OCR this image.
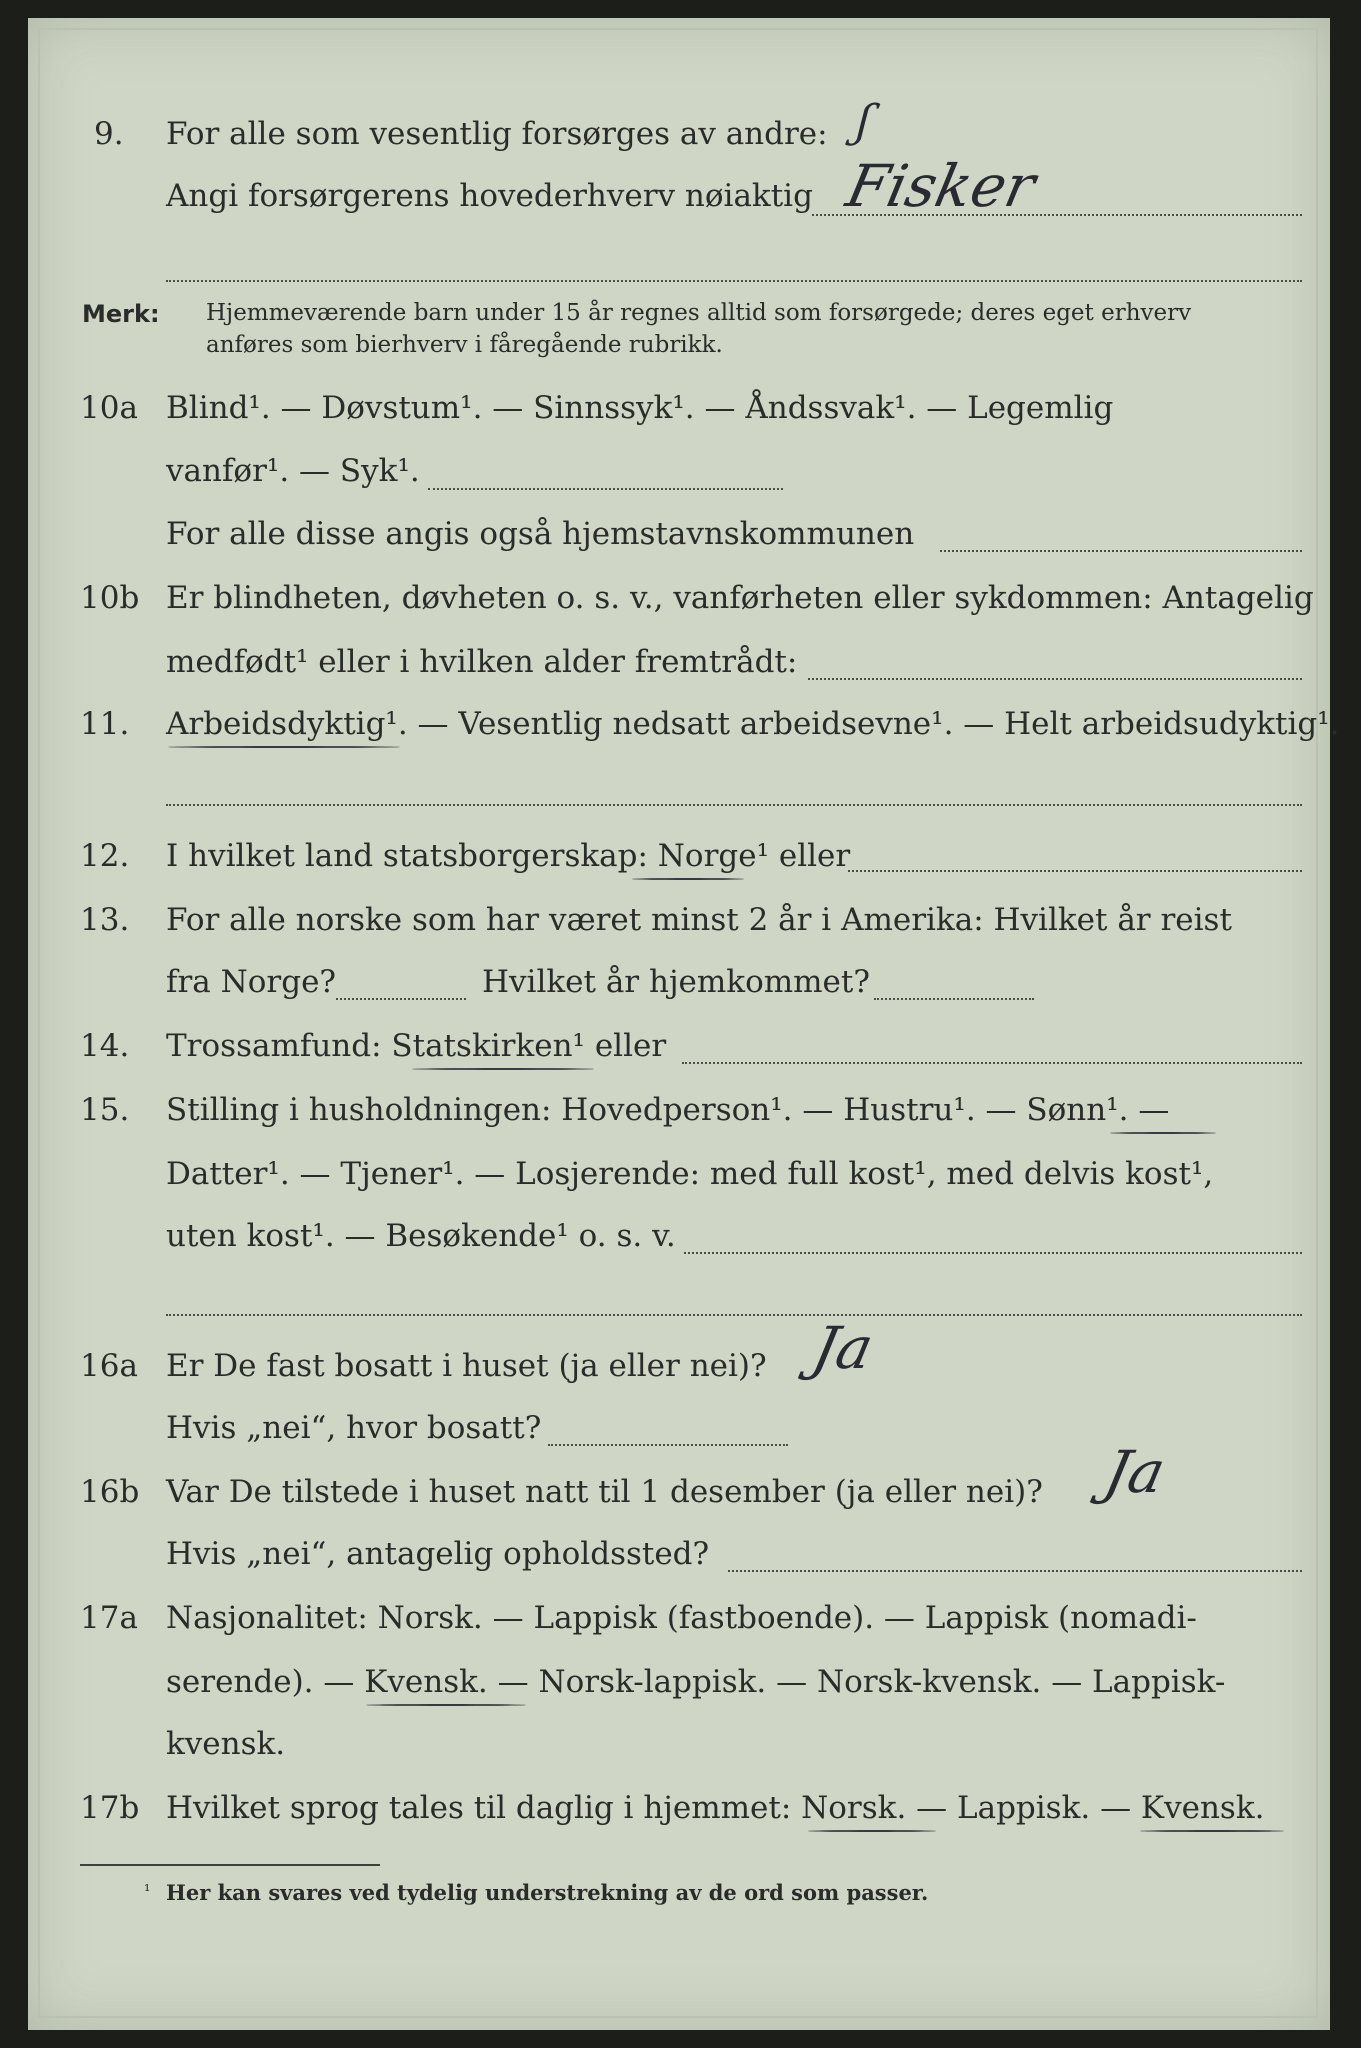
9. For alle som vesentlig forsørges av andre: ʃ
Angi forsørgerens hovederhverv nøiaktig Fisker
Merk: Hjemmeværende barn under 15 år regnes alltid som forsørgede; deres eget erhverv
anføres som bierhverv i fåregående rubrikk.
10a Blind¹. — Døvstum¹. — Sinnssyk¹. — Åndssvak¹. — Legemlig
vanfør¹. — Syk¹.
For alle disse angis også hjemstavnskommunen
10b Er blindheten, døvheten o. s. v., vanførheten eller sykdommen: Antagelig
medfødt¹ eller i hvilken alder fremtrådt:
11. Arbeidsdyktig¹. — Vesentlig nedsatt arbeidsevne¹. — Helt arbeidsudyktig¹.
12. I hvilket land statsborgerskap: Norge¹ eller
13. For alle norske som har været minst 2 år i Amerika: Hvilket år reist
fra Norge?	Hvilket år hjemkommet?
14. Trossamfund: Statskirken¹ eller
15. Stilling i husholdningen: Hovedperson¹. — Hustru¹. — Sønn¹. —
Datter¹. — Tjener¹. — Losjerende: med full kost¹, med delvis kost¹,
uten kost¹. — Besøkende¹ o. s. v.
16a Er De fast bosatt i huset (ja eller nei)? Ja
Hvis „nei“, hvor bosatt?
16b Var De tilstede i huset natt til 1 desember (ja eller nei)? Ja
Hvis „nei“, antagelig opholdssted?
17a Nasjonalitet: Norsk. — Lappisk (fastboende). — Lappisk (nomadi-
serende). — Kvensk. — Norsk-lappisk. — Norsk-kvensk. — Lappisk-
kvensk.
17b Hvilket sprog tales til daglig i hjemmet: Norsk. — Lappisk. — Kvensk.
¹ Her kan svares ved tydelig understrekning av de ord som passer.
